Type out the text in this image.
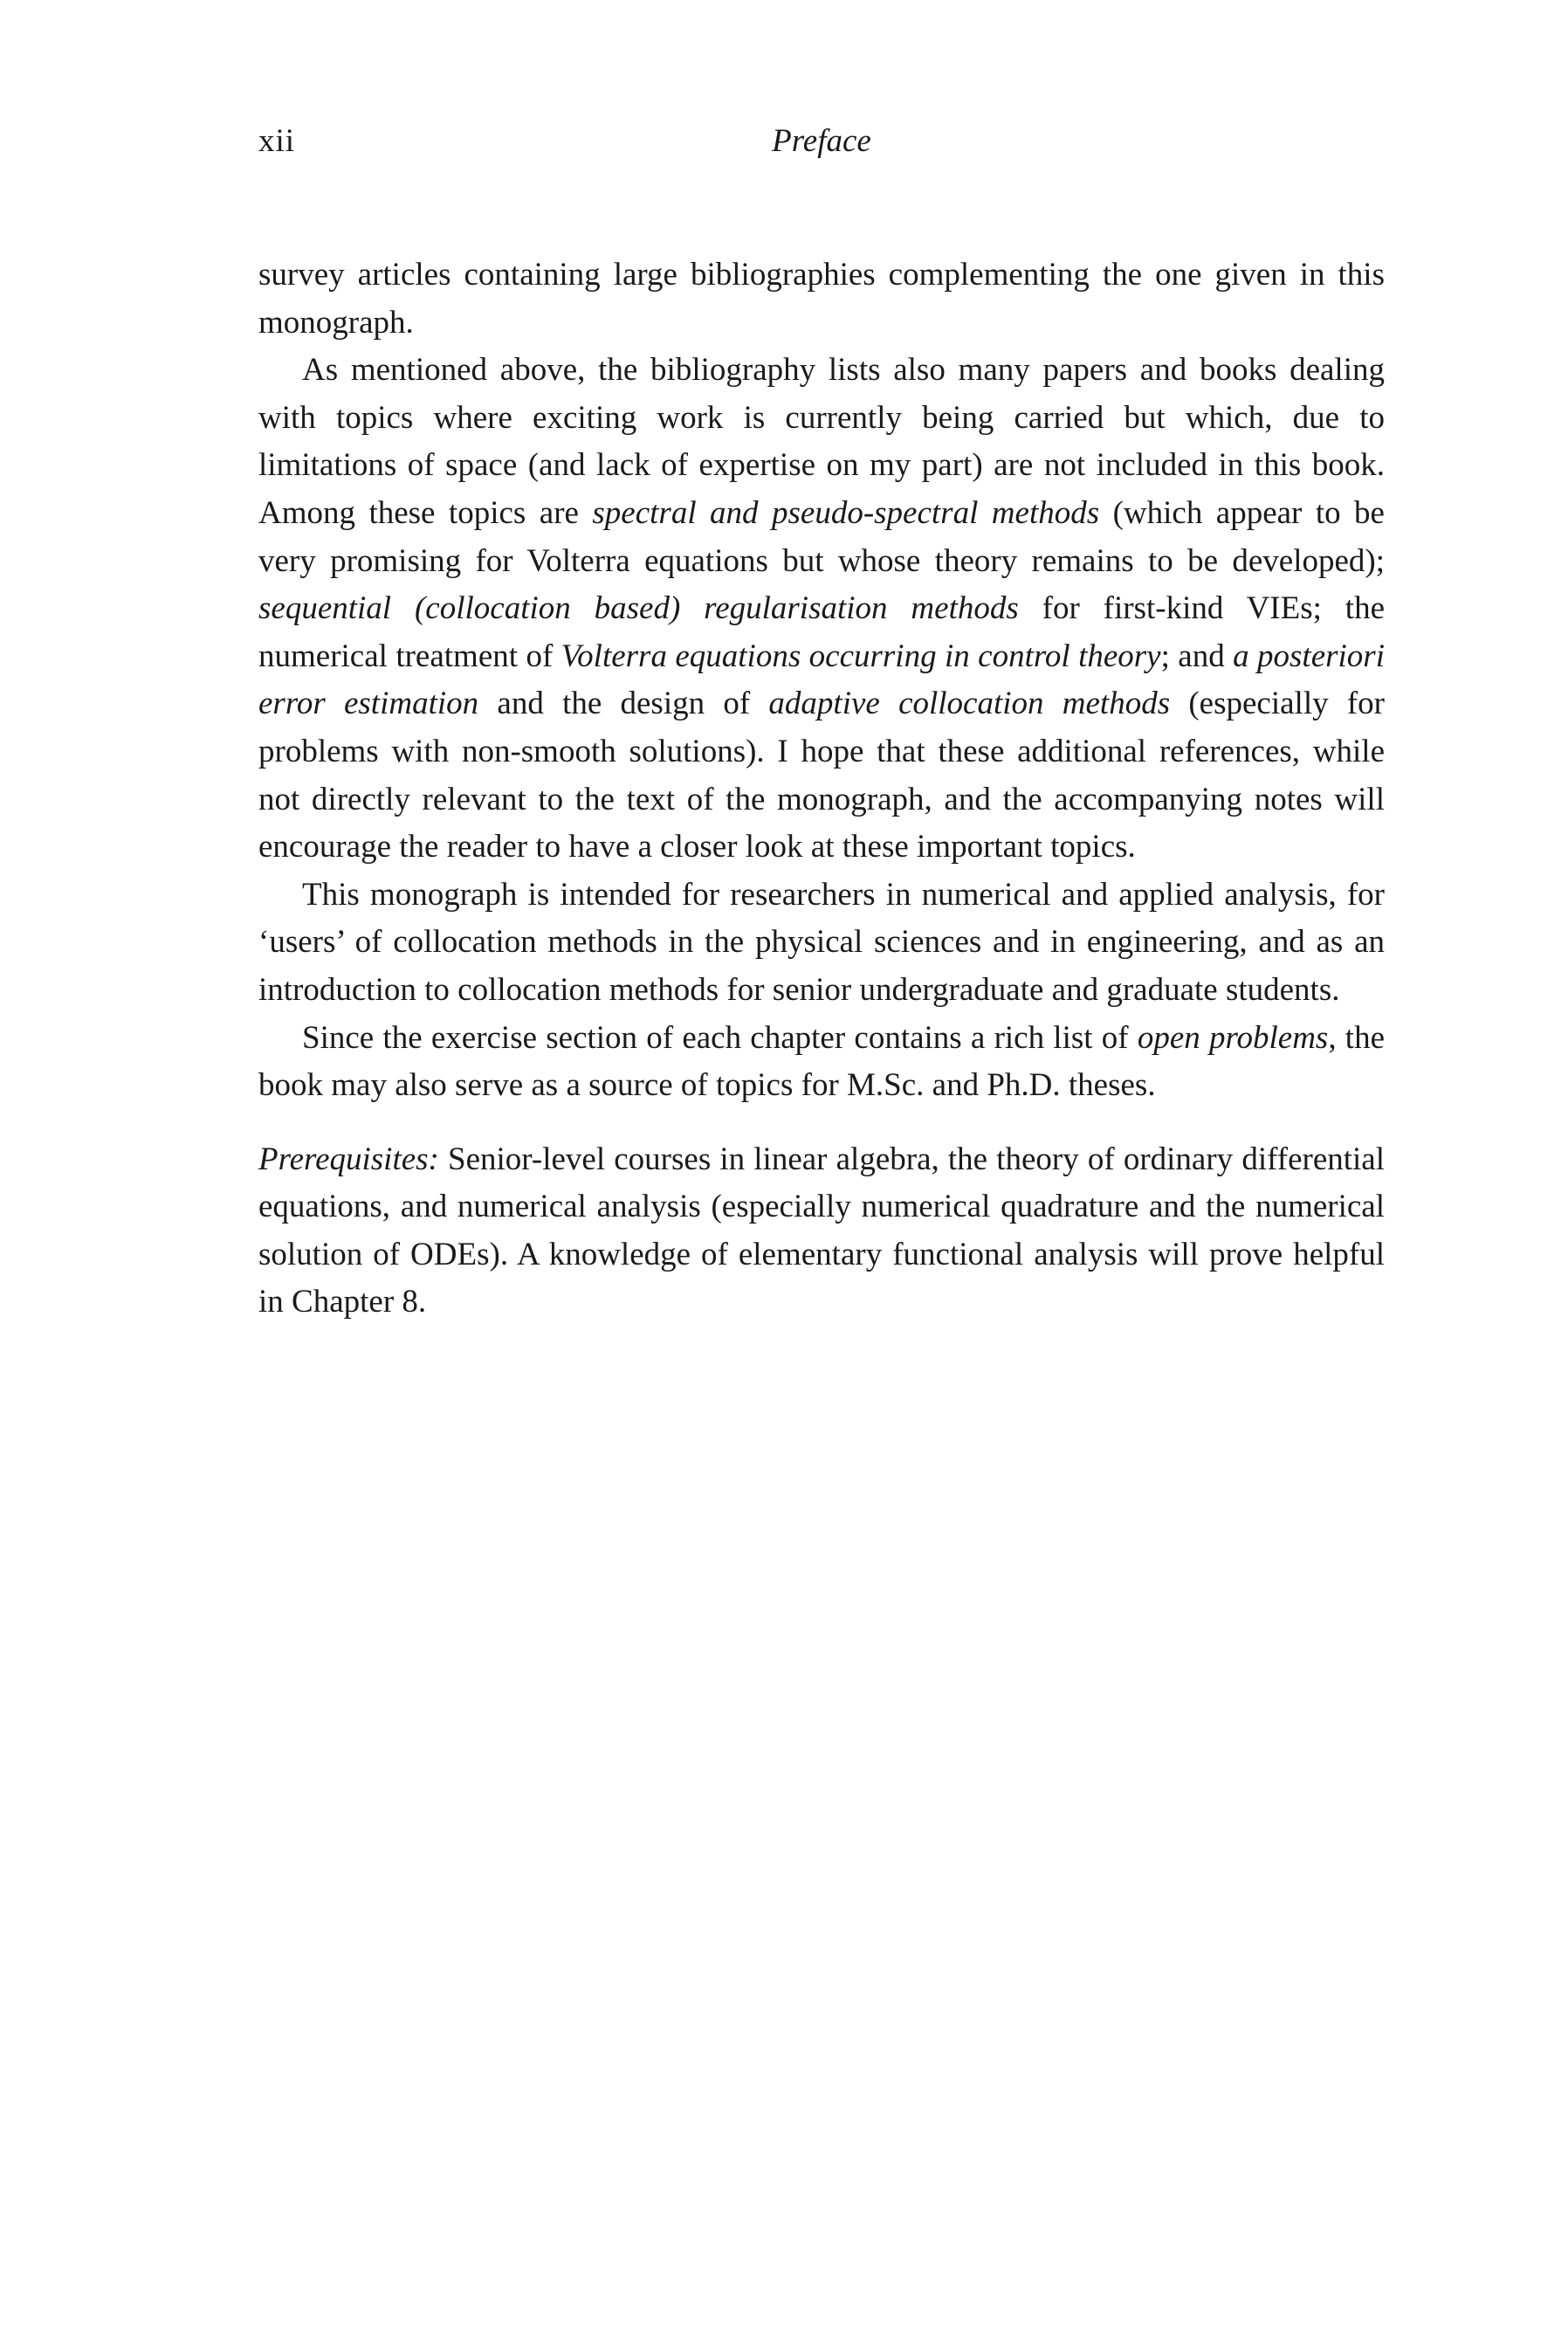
xii	Preface

survey articles containing large bibliographies complementing the one given in this monograph.

As mentioned above, the bibliography lists also many papers and books dealing with topics where exciting work is currently being carried but which, due to limitations of space (and lack of expertise on my part) are not included in this book. Among these topics are spectral and pseudo-spectral methods (which appear to be very promising for Volterra equations but whose theory remains to be developed); sequential (collocation based) regularisation methods for first-kind VIEs; the numerical treatment of Volterra equations occurring in control theory; and a posteriori error estimation and the design of adaptive collocation methods (especially for problems with non-smooth solutions). I hope that these additional references, while not directly relevant to the text of the monograph, and the accompanying notes will encourage the reader to have a closer look at these important topics.

This monograph is intended for researchers in numerical and applied analysis, for ‘users’ of collocation methods in the physical sciences and in engineering, and as an introduction to collocation methods for senior undergraduate and graduate students.

Since the exercise section of each chapter contains a rich list of open problems, the book may also serve as a source of topics for M.Sc. and Ph.D. theses.

Prerequisites: Senior-level courses in linear algebra, the theory of ordinary differential equations, and numerical analysis (especially numerical quadrature and the numerical solution of ODEs). A knowledge of elementary functional analysis will prove helpful in Chapter 8.
